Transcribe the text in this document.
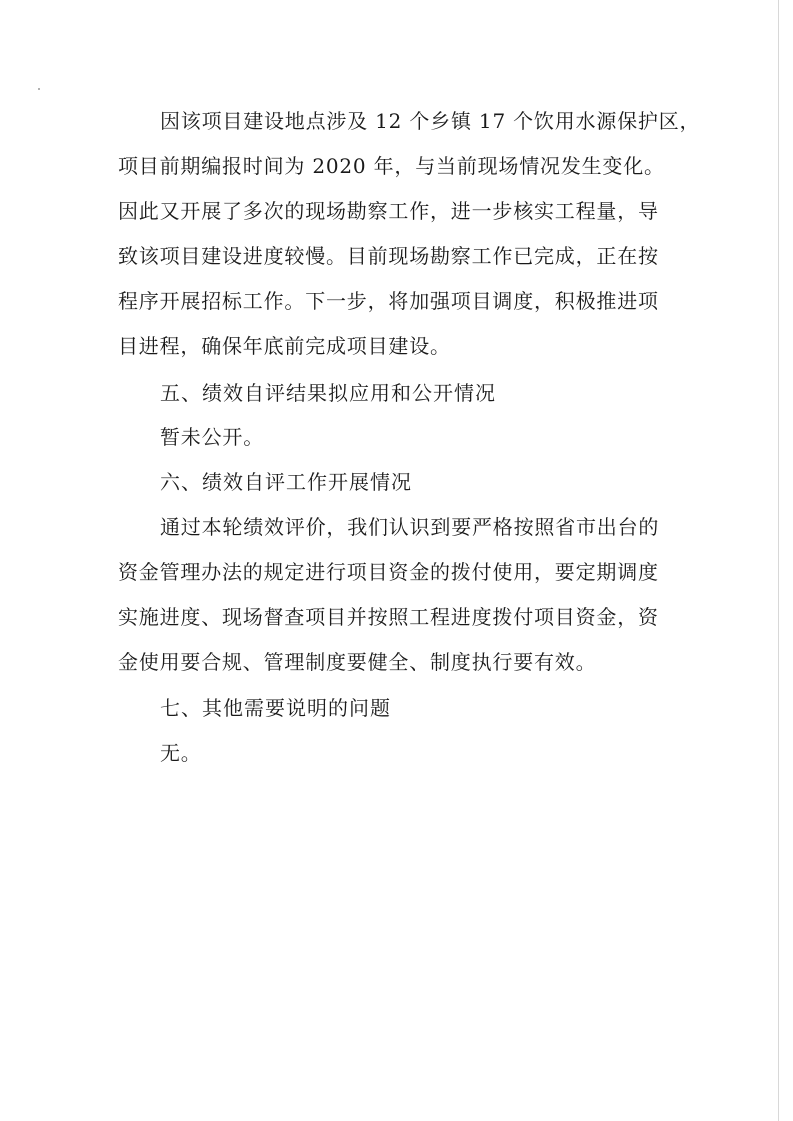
因该项目建设地点涉及 12 个乡镇 17 个饮用水源保护区，
项目前期编报时间为 2020 年，与当前现场情况发生变化。
因此又开展了多次的现场勘察工作，进一步核实工程量，导
致该项目建设进度较慢。目前现场勘察工作已完成，正在按
程序开展招标工作。下一步，将加强项目调度，积极推进项
目进程，确保年底前完成项目建设。
五、绩效自评结果拟应用和公开情况
暂未公开。
六、绩效自评工作开展情况
通过本轮绩效评价，我们认识到要严格按照省市出台的
资金管理办法的规定进行项目资金的拨付使用，要定期调度
实施进度、现场督查项目并按照工程进度拨付项目资金，资
金使用要合规、管理制度要健全、制度执行要有效。
七、其他需要说明的问题
无。
